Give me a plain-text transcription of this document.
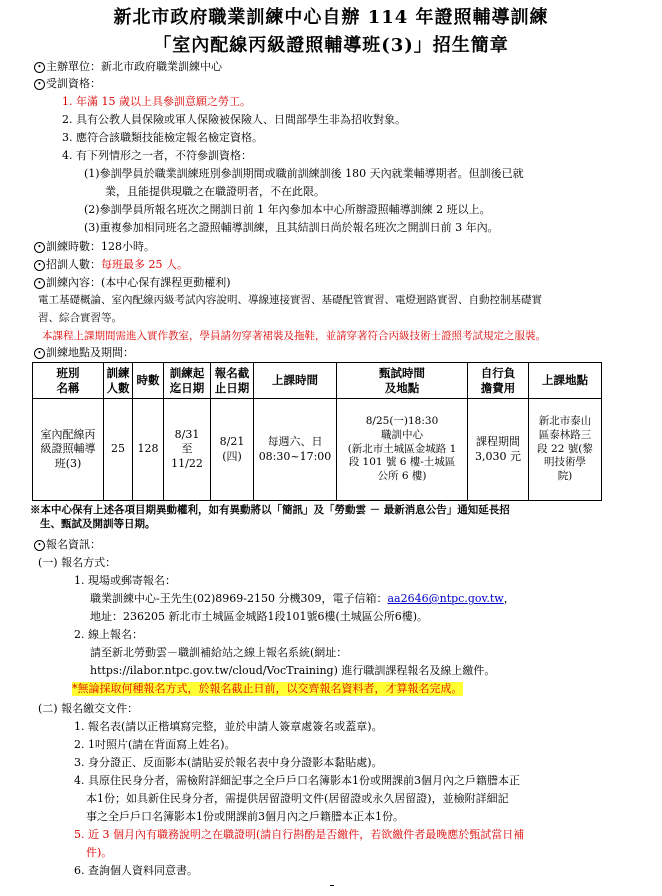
新北市政府職業訓練中心自辦 114 年證照輔導訓練
「室內配線丙級證照輔導班(3)」招生簡章
• 主辦單位：新北市政府職業訓練中心
• 受訓資格：
1. 年滿 15 歲以上具參訓意願之勞工。
2. 具有公教人員保險或軍人保險被保險人、日間部學生非為招收對象。
3. 應符合該職類技能檢定報名檢定資格。
4. 有下列情形之一者，不符參訓資格：
(1)參訓學員於職業訓練班別參訓期間或職前訓練訓後 180 天內就業輔導期者。但訓後已就
業，且能提供現職之在職證明者，不在此限。
(2)參訓學員所報名班次之開訓日前 1 年內參加本中心所辦證照輔導訓練 2 班以上。
(3)重複參加相同班名之證照輔導訓練，且其結訓日尚於報名班次之開訓日前 3 年內。
• 訓練時數：128小時。
• 招訓人數：每班最多 25 人。
• 訓練內容：(本中心保有課程更動權利)
電工基礎概論、室內配線丙級考試內容說明、導線連接實習、基礎配管實習、電燈迴路實習、自動控制基礎實
習、綜合實習等。
本課程上課期間需進入實作教室，學員請勿穿著裙裝及拖鞋，並請穿著符合丙級技術士證照考試規定之服裝。
• 訓練地點及期間：
班別
名稱	訓練
人數	時數	訓練起
迄日期	報名截
止日期	上課時間	甄試時間
及地點	自行負
擔費用	上課地點
室內配線丙
級證照輔導
班(3)	25	128	8/31
至
11/22	8/21
(四)	每週六、日
08:30~17:00	8/25(一)18:30
職訓中心
(新北市土城區金城路 1
段 101 號 6 樓-土城區
公所 6 樓)	課程期間
3,030 元	新北市泰山
區泰林路三
段 22 號(黎
明技術學
院)
※本中心保有上述各項目期異動權利，如有異動將以「簡訊」及「勞動雲 － 最新消息公告」通知延長招
生、甄試及開訓等日期。
• 報名資訊：
(一) 報名方式：
1. 現場或郵寄報名：
職業訓練中心-王先生(02)8969-2150 分機309，電子信箱：aa2646@ntpc.gov.tw，
地址：236205 新北市土城區金城路1段101號6樓(土城區公所6樓)。
2. 線上報名：
請至新北勞動雲－職訓補給站之線上報名系統(網址：
https://ilabor.ntpc.gov.tw/cloud/VocTraining) 進行職訓課程報名及線上繳件。
*無論採取何種報名方式，於報名截止日前，以交齊報名資料者，才算報名完成。
(二) 報名繳交文件：
1. 報名表(請以正楷填寫完整，並於申請人簽章處簽名或蓋章)。
2. 1吋照片(請在背面寫上姓名)。
3. 身分證正、反面影本(請貼妥於報名表中身分證影本黏貼處)。
4. 具原住民身分者，需檢附詳細記事之全戶戶口名簿影本1份或開課前3個月內之戶籍謄本正
本1份；如具新住民身分者，需提供居留證明文件(居留證或永久居留證)，並檢附詳細記
事之全戶戶口名簿影本1份或開課前3個月內之戶籍謄本正本1份。
5. 近 3 個月內有職務說明之在職證明(請自行斟酌是否繳件，若欲繳件者最晚應於甄試當日補
件)。
6. 查詢個人資料同意書。
